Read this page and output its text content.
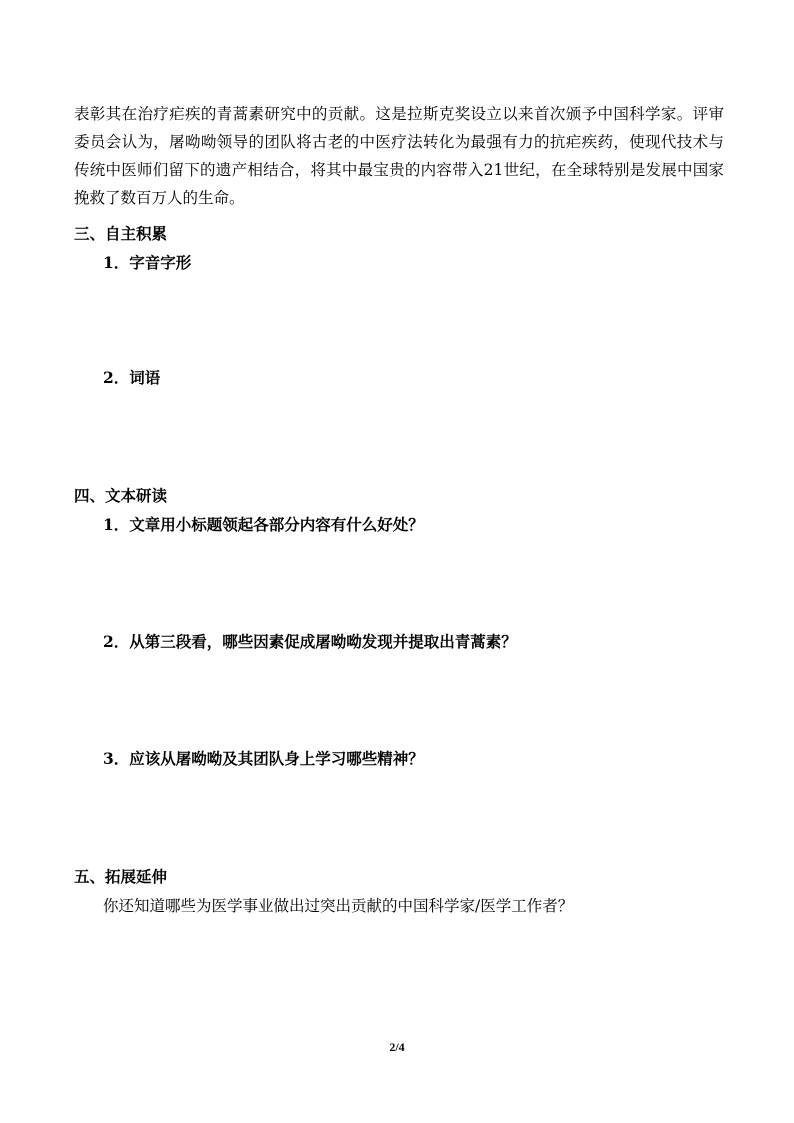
表彰其在治疗疟疾的青蒿素研究中的贡献。这是拉斯克奖设立以来首次颁予中国科学家。评审委员会认为，屠呦呦领导的团队将古老的中医疗法转化为最强有力的抗疟疾药，使现代技术与传统中医师们留下的遗产相结合，将其中最宝贵的内容带入21世纪，在全球特别是发展中国家挽救了数百万人的生命。

三、自主积累

1．字音字形

2．词语

四、文本研读

1．文章用小标题领起各部分内容有什么好处？

2．从第三段看，哪些因素促成屠呦呦发现并提取出青蒿素？

3．应该从屠呦呦及其团队身上学习哪些精神？

五、拓展延伸

你还知道哪些为医学事业做出过突出贡献的中国科学家/医学工作者？

2/4
